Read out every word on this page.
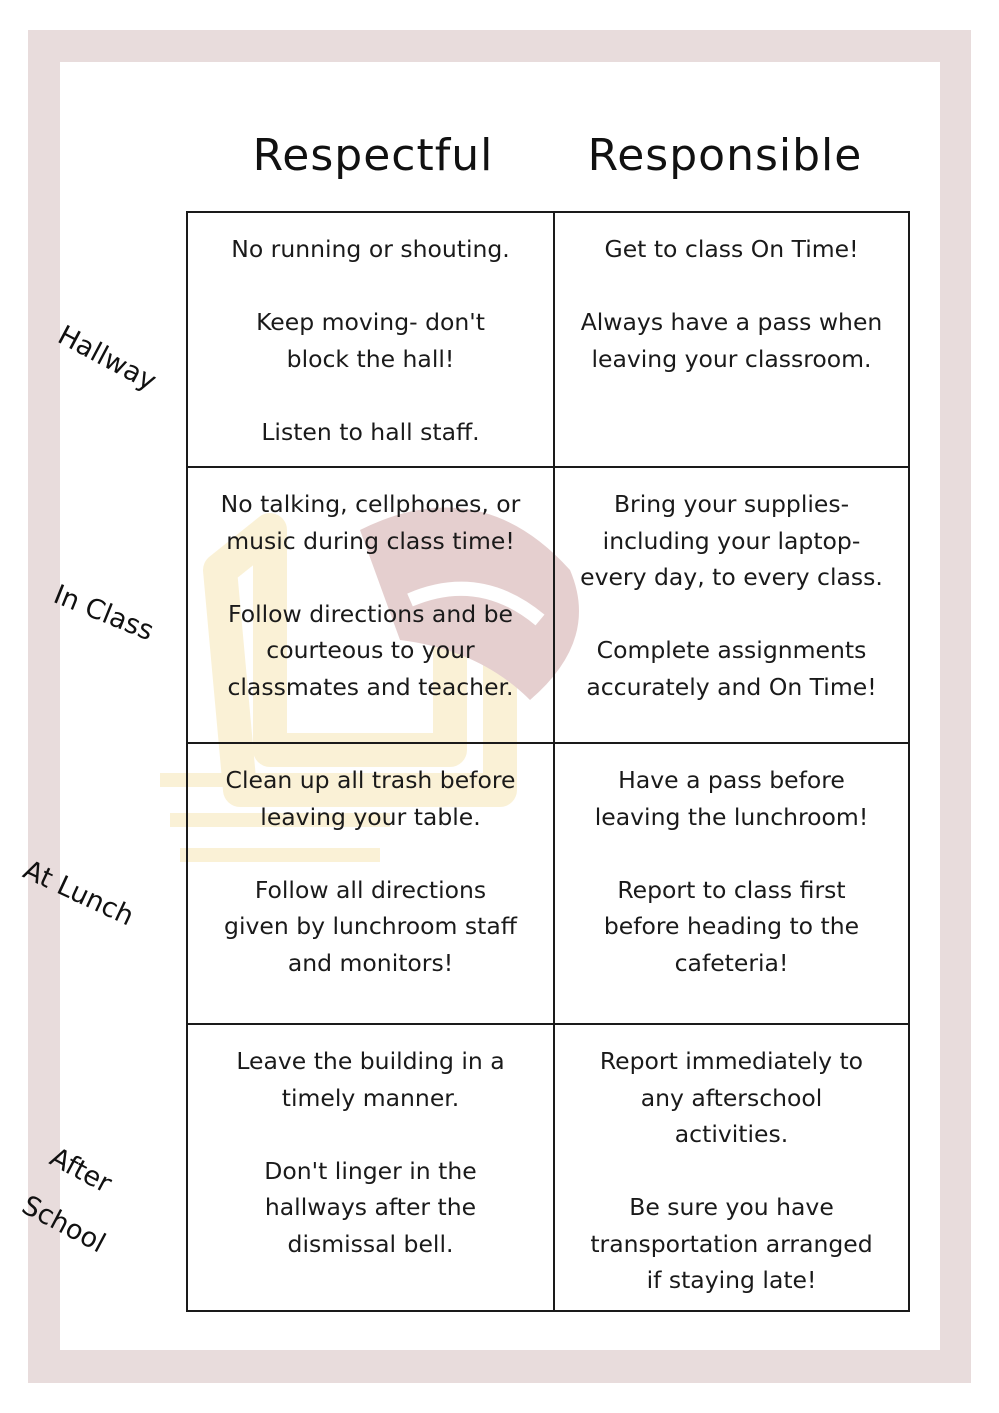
Respectful	Responsible

No running or shouting.

Keep moving- don't
block the hall!

Listen to hall staff.

Get to class On Time!

Always have a pass when
leaving your classroom.

No talking, cellphones, or
music during class time!

Follow directions and be
courteous to your
classmates and teacher.

Bring your supplies-
including your laptop-
every day, to every class.

Complete assignments
accurately and On Time!

Clean up all trash before
leaving your table.

Follow all directions
given by lunchroom staff
and monitors!

Have a pass before
leaving the lunchroom!

Report to class first
before heading to the
cafeteria!

Leave the building in a
timely manner.

Don't linger in the
hallways after the
dismissal bell.

Report immediately to
any afterschool
activities.

Be sure you have
transportation arranged
if staying late!

Hallway
In Class
At Lunch
After
School
